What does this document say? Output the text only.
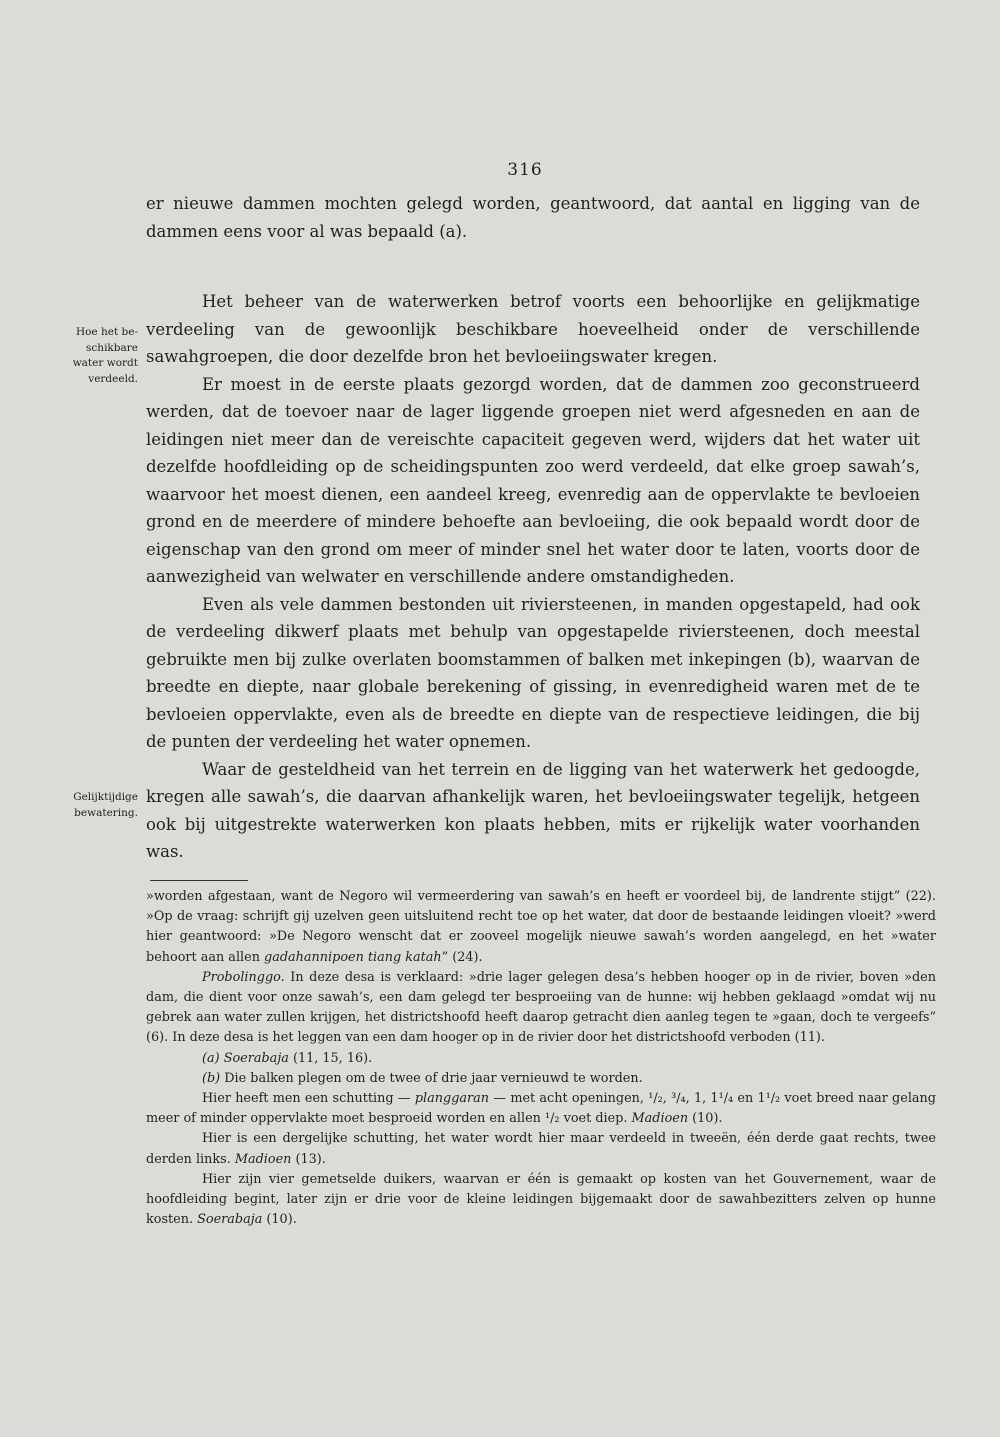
316
Hoe het be-schikbare water wordt verdeeld.
Gelijktijdige bewatering.

er nieuwe dammen mochten gelegd worden, geantwoord, dat aantal en ligging van de dammen eens voor al was bepaald (a).

Het beheer van de waterwerken betrof voorts een behoorlijke en gelijkmatige verdeeling van de gewoonlijk beschikbare hoeveelheid onder de verschillende sawahgroepen, die door dezelfde bron het bevloeiingswater kregen.

Er moest in de eerste plaats gezorgd worden, dat de dammen zoo geconstrueerd werden, dat de toevoer naar de lager liggende groepen niet werd afgesneden en aan de leidingen niet meer dan de vereischte capaciteit gegeven werd, wijders dat het water uit dezelfde hoofdleiding op de scheidingspunten zoo werd verdeeld, dat elke groep sawah’s, waarvoor het moest dienen, een aandeel kreeg, evenredig aan de oppervlakte te bevloeien grond en de meerdere of mindere behoefte aan bevloeiing, die ook bepaald wordt door de eigenschap van den grond om meer of minder snel het water door te laten, voorts door de aanwezigheid van welwater en verschillende andere omstandigheden.

Even als vele dammen bestonden uit riviersteenen, in manden opgestapeld, had ook de verdeeling dikwerf plaats met behulp van opgestapelde riviersteenen, doch meestal gebruikte men bij zulke overlaten boomstammen of balken met inkepingen (b), waarvan de breedte en diepte, naar globale berekening of gissing, in evenredigheid waren met de te bevloeien oppervlakte, even als de breedte en diepte van de respectieve leidingen, die bij de punten der verdeeling het water opnemen.

Waar de gesteldheid van het terrein en de ligging van het waterwerk het gedoogde, kregen alle sawah’s, die daarvan afhankelijk waren, het bevloeiingswater tegelijk, hetgeen ook bij uitgestrekte waterwerken kon plaats hebben, mits er rijkelijk water voorhanden was.

»worden afgestaan, want de Negoro wil vermeerdering van sawah’s en heeft er voordeel bij, de landrente stijgt” (22). »Op de vraag: schrijft gij uzelven geen uitsluitend recht toe op het water, dat door de bestaande leidingen vloeit? »werd hier geantwoord: »De Negoro wenscht dat er zooveel mogelijk nieuwe sawah’s worden aangelegd, en het »water behoort aan allen gadahannipoen tiang katah” (24).

Probolinggo. In deze desa is verklaard: »drie lager gelegen desa’s hebben hooger op in de rivier, boven »den dam, die dient voor onze sawah’s, een dam gelegd ter besproeiing van de hunne: wij hebben geklaagd »omdat wij nu gebrek aan water zullen krijgen, het districtshoofd heeft daarop getracht dien aanleg tegen te »gaan, doch te vergeefs” (6). In deze desa is het leggen van een dam hooger op in de rivier door het districtshoofd verboden (11).

(a) Soerabaja (11, 15, 16).

(b) Die balken plegen om de twee of drie jaar vernieuwd te worden.

Hier heeft men een schutting — planggaran — met acht openingen, ¹/₂, ³/₄, 1, 1¹/₄ en 1¹/₂ voet breed naar gelang meer of minder oppervlakte moet besproeid worden en allen ¹/₂ voet diep. Madioen (10).

Hier is een dergelijke schutting, het water wordt hier maar verdeeld in tweeën, één derde gaat rechts, twee derden links. Madioen (13).

Hier zijn vier gemetselde duikers, waarvan er één is gemaakt op kosten van het Gouvernement, waar de hoofdleiding begint, later zijn er drie voor de kleine leidingen bijgemaakt door de sawahbezitters zelven op hunne kosten. Soerabaja (10).
